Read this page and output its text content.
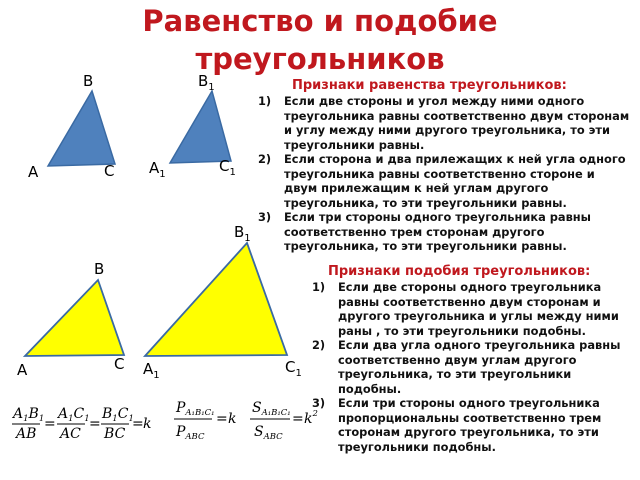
Равенство и подобие
треугольников
B
A	C
$B_1$
$A_1$	$C_1$
B
A	C
$B_1$
$A_1$	$C_1$
$A_1B_1$
AB
=
$A_1C_1$
AC
=
$B_1C_1$
BC
= k
$P_{A_1B_1C_1}$
$P_{ABC}$
= k
$S_{A_1B_1C_1}$
$S_{ABC}$
= $k^2$
Признаки равенства треугольников:
1) Если две стороны и угол между ними одного треугольника равны соответственно двум сторонам и углу между ними другого треугольника, то эти треугольники равны.
2) Если сторона и два прилежащих к ней угла одного треугольника равны соответственно стороне и двум прилежащим к ней углам другого треугольника, то эти треугольники равны.
3) Если три стороны одного треугольника равны соответственно трем сторонам другого треугольника, то эти треугольники равны.
Признаки подобия треугольников:
1) Если две стороны одного треугольника равны соответственно двум сторонам и другого треугольника и углы между ними раны , то эти треугольники подобны.
2) Если два угла одного треугольника равны соответственно двум углам другого треугольника, то эти треугольники подобны.
3) Если три стороны одного треугольника пропорциональны соответственно трем сторонам другого треугольника, то эти треугольники подобны.
